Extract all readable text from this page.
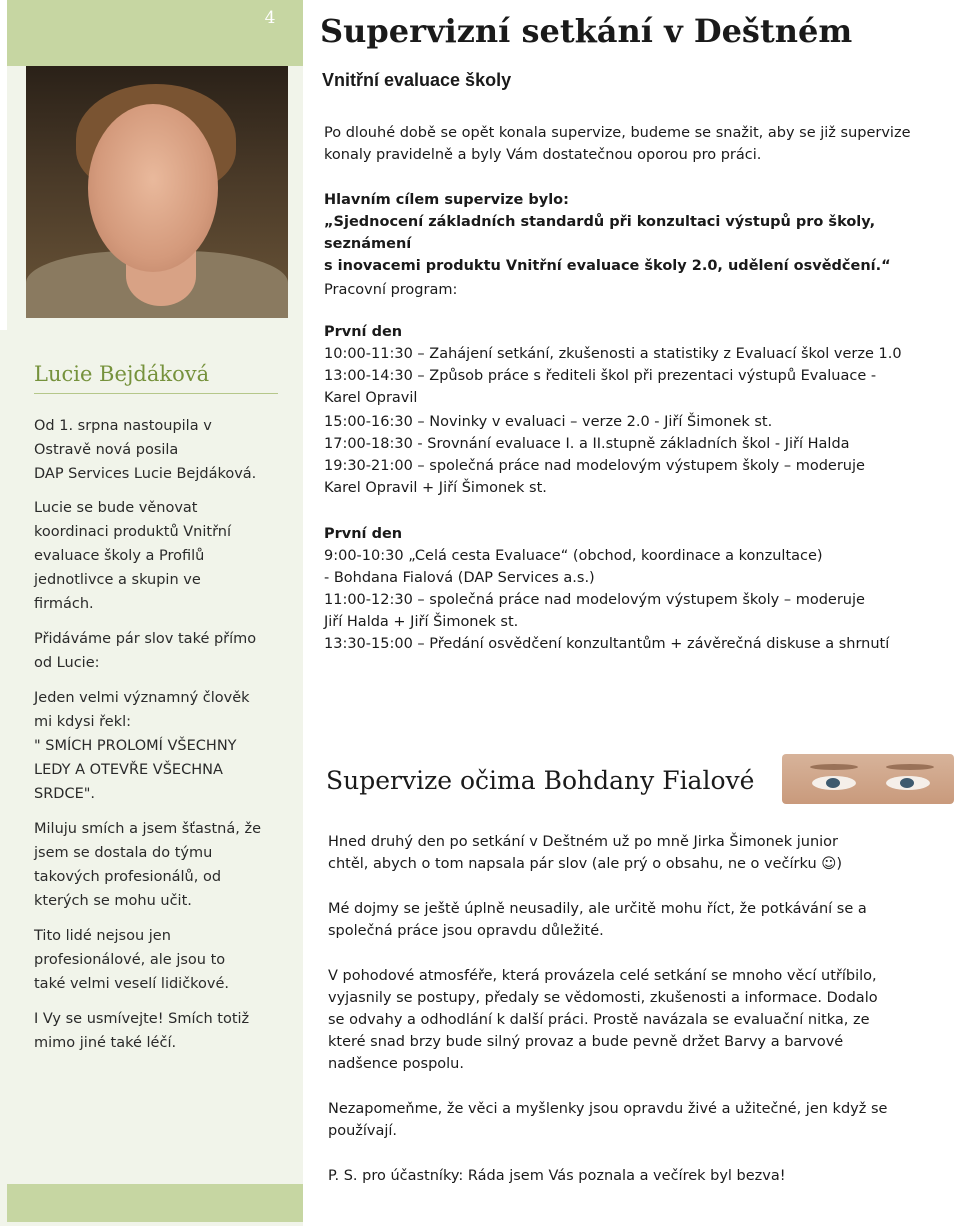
4
Lucie Bejdáková
Od 1. srpna nastoupila v
Ostravě nová posila
DAP Services Lucie Bejdáková.
Lucie se bude věnovat
koordinaci produktů Vnitřní
evaluace školy a Profilů
jednotlivce a skupin ve
firmách.
Přidáváme pár slov také přímo
od Lucie:
Jeden velmi významný člověk
mi kdysi řekl:
" SMÍCH PROLOMÍ VŠECHNY
LEDY A OTEVŘE VŠECHNA
SRDCE".
Miluju smích a jsem šťastná, že
jsem se dostala do týmu
takových profesionálů, od
kterých se mohu učit.
Tito lidé nejsou jen
profesionálové, ale jsou to
také velmi veselí lidičkové.
I Vy se usmívejte! Smích totiž
mimo jiné také léčí.
Supervizní setkání v Deštném
Vnitřní evaluace školy
Po dlouhé době se opět konala supervize, budeme se snažit, aby se již supervize
konaly pravidelně a byly Vám dostatečnou oporou pro práci.
Hlavním cílem supervize bylo:
„Sjednocení základních standardů při konzultaci výstupů pro školy, seznámení
s inovacemi produktu Vnitřní evaluace školy 2.0, udělení osvědčení.“
Pracovní program:
První den
10:00-11:30 – Zahájení setkání, zkušenosti a statistiky z Evaluací škol verze 1.0
13:00-14:30 – Způsob práce s řediteli škol při prezentaci výstupů Evaluace -
Karel Opravil
15:00-16:30 – Novinky v evaluaci – verze 2.0 - Jiří Šimonek st.
17:00-18:30 - Srovnání evaluace I. a II.stupně základních škol - Jiří Halda
19:30-21:00 – společná práce nad modelovým výstupem školy – moderuje
Karel Opravil + Jiří Šimonek st.
První den
9:00-10:30 „Celá cesta Evaluace“ (obchod, koordinace a konzultace)
- Bohdana Fialová (DAP Services a.s.)
11:00-12:30 – společná práce nad modelovým výstupem školy – moderuje
Jiří Halda + Jiří Šimonek st.
13:30-15:00 – Předání osvědčení konzultantům + závěrečná diskuse a shrnutí
Supervize očima Bohdany Fialové
Hned druhý den po setkání v Deštném už po mně Jirka Šimonek junior
chtěl, abych o tom napsala pár slov (ale prý o obsahu, ne o večírku ☺)
Mé dojmy se ještě úplně neusadily, ale určitě mohu říct, že potkávání se a
společná práce jsou opravdu důležité.
V pohodové atmosféře, která provázela celé setkání se mnoho věcí utříbilo,
vyjasnily se postupy, předaly se vědomosti, zkušenosti a informace. Dodalo
se odvahy a odhodlání k další práci. Prostě navázala se evaluační nitka, ze
které snad brzy bude silný provaz a bude pevně držet Barvy a barvové
nadšence pospolu.
Nezapomeňme, že věci a myšlenky jsou opravdu živé a užitečné, jen když se
používají.
P. S. pro účastníky: Ráda jsem Vás poznala a večírek byl bezva!
